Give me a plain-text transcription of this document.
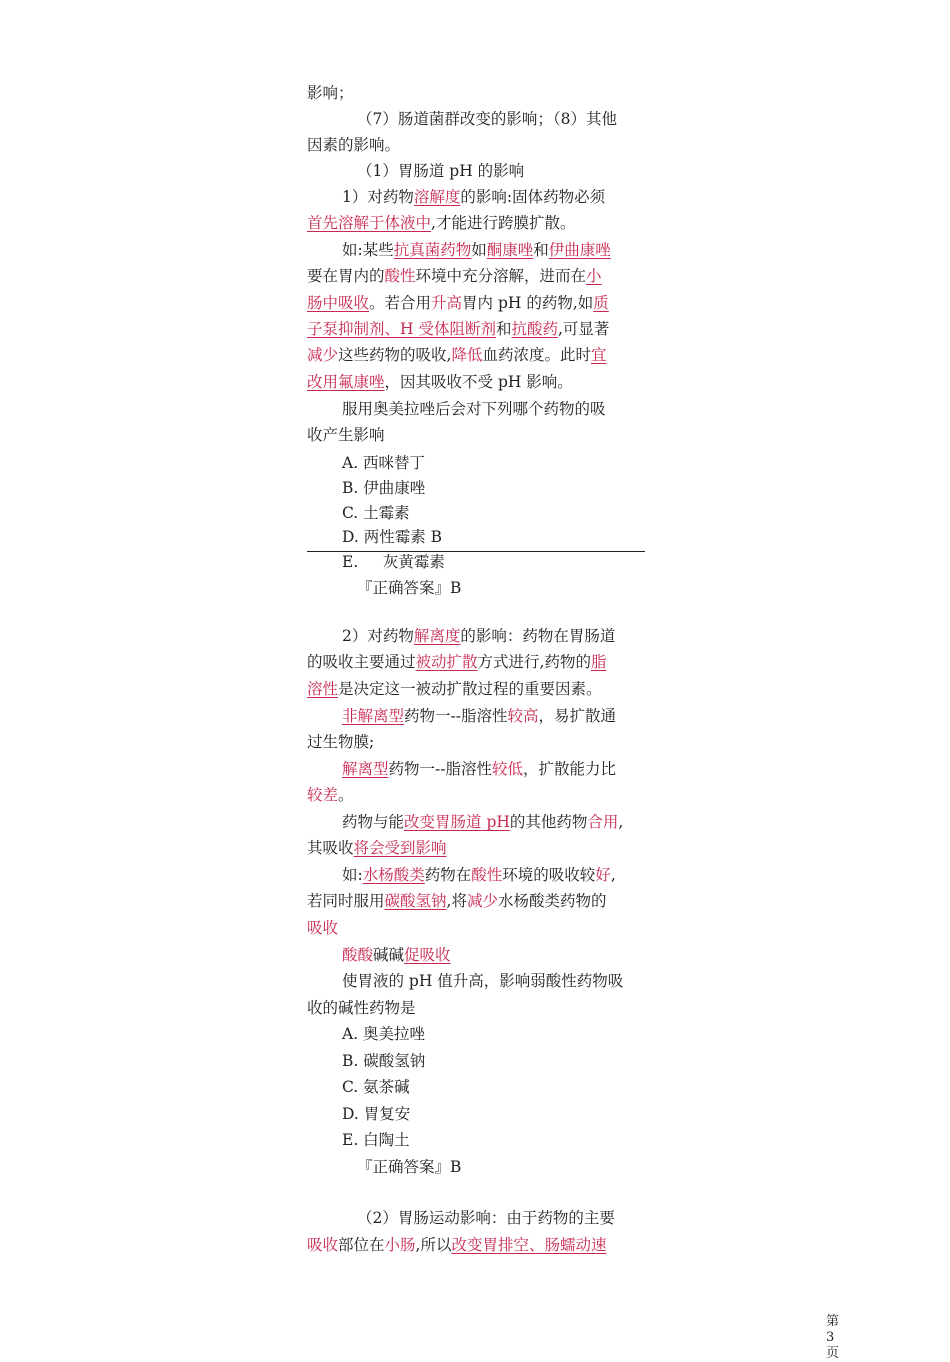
影响；
（7）肠道菌群改变的影响；（8）其他
因素的影响。
（1）胃肠道 pH 的影响
1）对药物溶解度的影响:固体药物必须
首先溶解于体液中,才能进行跨膜扩散。
如:某些抗真菌药物如酮康唑和伊曲康唑
要在胃内的酸性环境中充分溶解，进而在小
肠中吸收。若合用升高胃内 pH 的药物,如质
子泵抑制剂、H 受体阻断剂和抗酸药,可显著
减少这些药物的吸收,降低血药浓度。此时宜
改用氟康唑，因其吸收不受 pH 影响。
服用奥美拉唑后会对下列哪个药物的吸
收产生影响
A. 西咪替丁
B. 伊曲康唑
C. 土霉素
D. 两性霉素 B
E.     灰黄霉素
『正确答案』B
2）对药物解离度的影响：药物在胃肠道
的吸收主要通过被动扩散方式进行,药物的脂
溶性是决定这一被动扩散过程的重要因素。
非解离型药物一--脂溶性较高，易扩散通
过生物膜;
解离型药物一--脂溶性较低，扩散能力比
较差。
药物与能改变胃肠道 pH的其他药物合用,
其吸收将会受到影响
如:水杨酸类药物在酸性环境的吸收较好,
若同时服用碳酸氢钠,将减少水杨酸类药物的
吸收
酸酸碱碱促吸收
使胃液的 pH 值升高，影响弱酸性药物吸
收的碱性药物是
A. 奥美拉唑
B. 碳酸氢钠
C. 氨茶碱
D. 胃复安
E. 白陶土
『正确答案』B
（2）胃肠运动影响：由于药物的主要
吸收部位在小肠,所以改变胃排空、肠蠕动速
第 3 页
